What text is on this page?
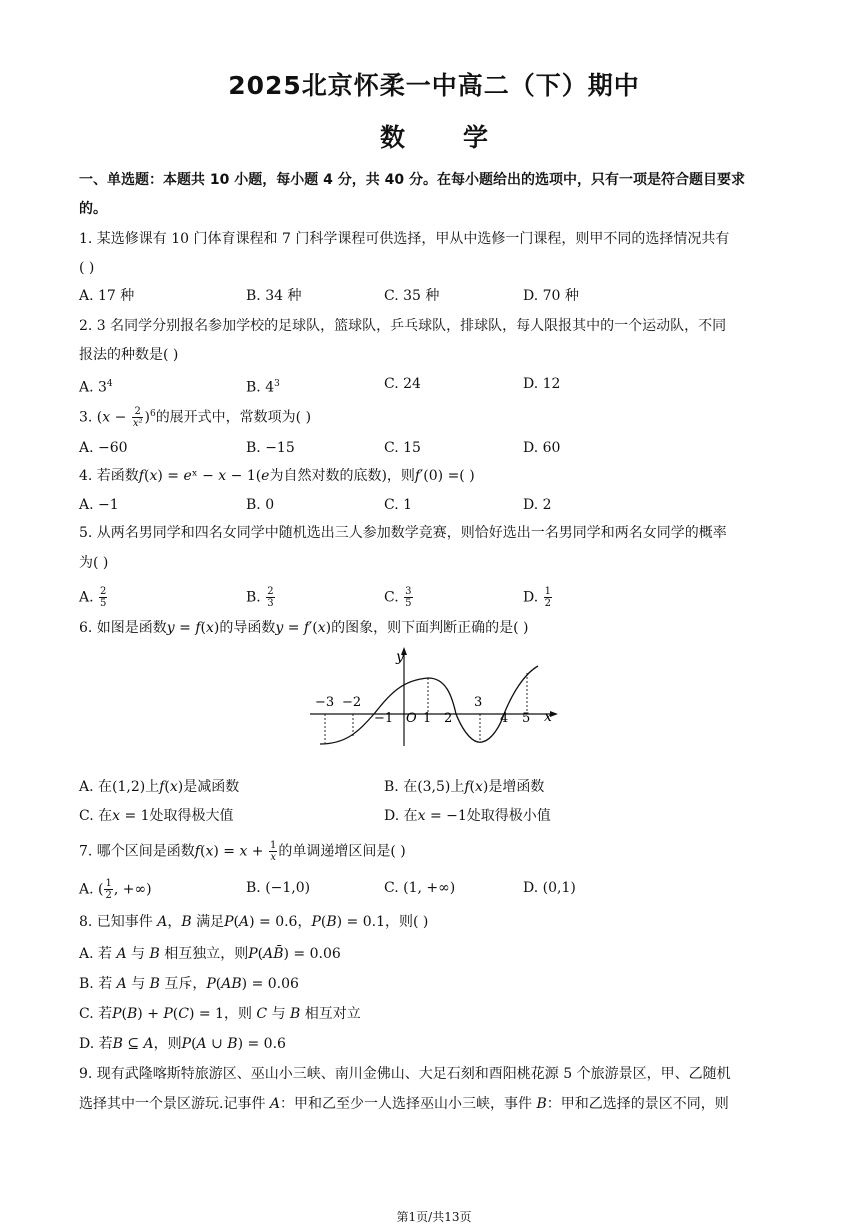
2025北京怀柔一中高二（下）期中
数学
一、单选题：本题共 10 小题，每小题 4 分，共 40 分。在每小题给出的选项中，只有一项是符合题目要求
的。
1. 某选修课有 10 门体育课程和 7 门科学课程可供选择，甲从中选修一门课程，则甲不同的选择情况共有
( )
A. 17 种	B. 34 种	C. 35 种	D. 70 种
2. 3 名同学分别报名参加学校的足球队，篮球队，乒乓球队，排球队，每人限报其中的一个运动队，不同
报法的种数是( )
A. $3^4$	B. $4^3$	C. 24	D. 12
3. $(x - \frac{2}{\text{x²}} )^6$的展开式中，常数项为( )
A. −60	B. −15	C. 15	D. 60
4. 若函数𝑓(𝑥) = 𝑒ˣ − 𝑥 − 1(𝑒为自然对数的底数)，则𝑓′(0) =( )
A. −1	B. 0	C. 1	D. 2
5. 从两名男同学和四名女同学中随机选出三人参加数学竞赛，则恰好选出一名男同学和两名女同学的概率
为( )
A. $\frac{2}{5}$	B. $\frac{2}{3}$	C. $\frac{3}{5}$	D. $\frac{1}{2}$
6. 如图是函数𝑦 = 𝑓(𝑥)的导函数𝑦 = 𝑓′(𝑥)的图象，则下面判断正确的是( )
y
x
O
−3 −2
−1 1 2
3
4 5
A. 在(1,2)上𝑓(𝑥)是减函数	B. 在(3,5)上𝑓(𝑥)是增函数
C. 在𝑥 = 1处取得极大值	D. 在𝑥 = −1处取得极小值
7. 哪个区间是函数𝑓(𝑥) = 𝑥 + $\frac{1}{x}$ 的单调递增区间是( )
A. ( $\frac{1}{2}$ , +∞)	B. (−1,0)	C. (1, +∞)	D. (0,1)
8. 已知事件 𝐴，𝐵 满足𝑃(𝐴) = 0.6，𝑃(𝐵) = 0.1，则( )
A. 若 𝐴 与 𝐵 相互独立，则𝑃(𝐴𝐵̄) = 0.06
B. 若 𝐴 与 𝐵 互斥，𝑃(𝐴𝐵) = 0.06
C. 若𝑃(𝐵) + 𝑃(𝐶) = 1，则 𝐶 与 𝐵 相互对立
D. 若𝐵 ⊆ 𝐴，则𝑃(𝐴 ∪ 𝐵) = 0.6
9. 现有武隆喀斯特旅游区、巫山小三峡、南川金佛山、大足石刻和酉阳桃花源 5 个旅游景区，甲、乙随机
选择其中一个景区游玩.记事件 𝐴：甲和乙至少一人选择巫山小三峡，事件 𝐵：甲和乙选择的景区不同，则
第1页/共13页
